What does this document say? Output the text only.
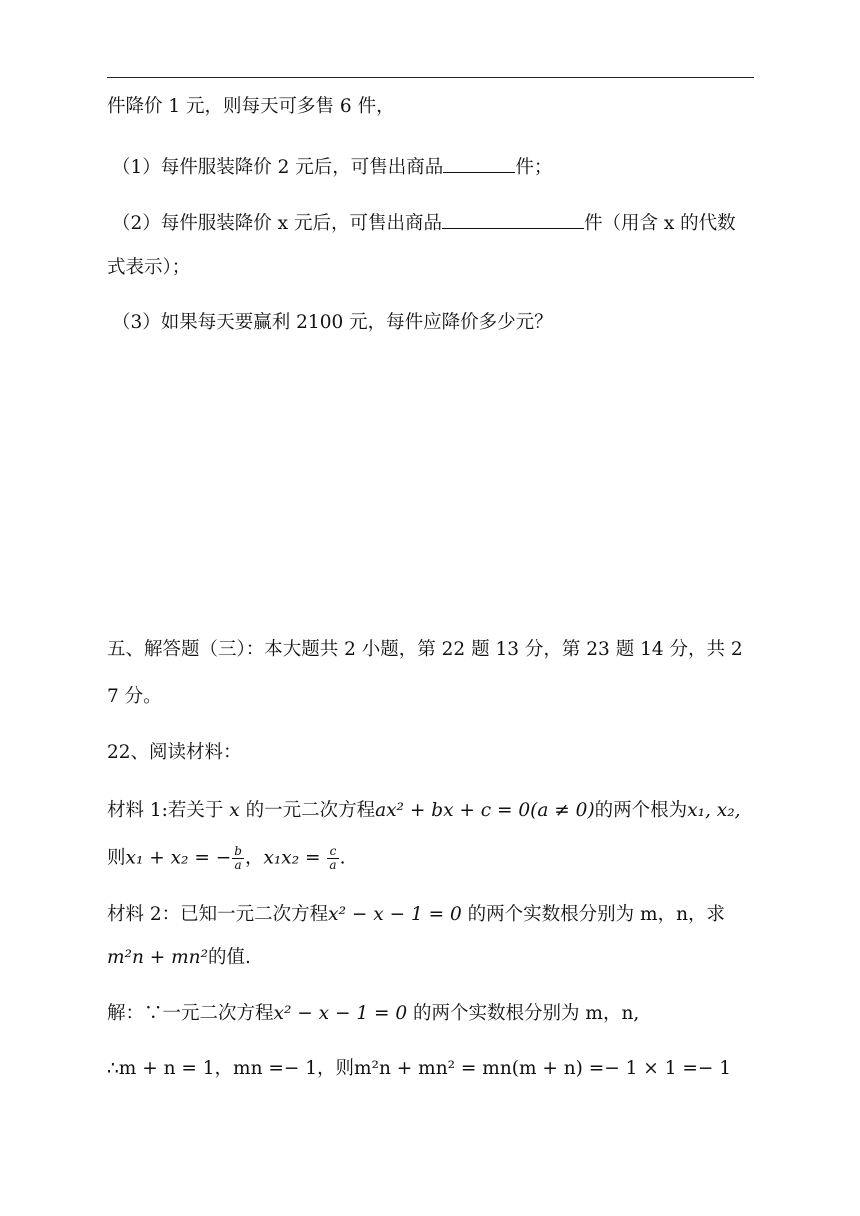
件降价 1 元，则每天可多售 6 件，
（1）每件服装降价 2 元后，可售出商品	件；
（2）每件服装降价 x 元后，可售出商品	件（用含 x 的代数
式表示）；
（3）如果每天要赢利 2100 元，每件应降价多少元？
五、解答题（三）：本大题共 2 小题，第 22 题 13 分，第 23 题 14 分，共 2
7 分。
22、阅读材料：
材料 1:若关于 x 的一元二次方程ax² + bx + c = 0(a ≠ 0)的两个根为x₁, x₂,
则x₁ + x₂ = − $\frac{b}{a}$ ，$x_1x_2 = \frac{c}{a}$ .
材料 2：已知一元二次方程x² − x − 1 = 0 的两个实数根分别为 m，n，求
m²n + mn²的值.
解：∵一元二次方程x² − x − 1 = 0 的两个实数根分别为 m，n,
∴m + n = 1，mn =− 1，则m²n + mn² = mn(m + n) =− 1 × 1 =− 1
